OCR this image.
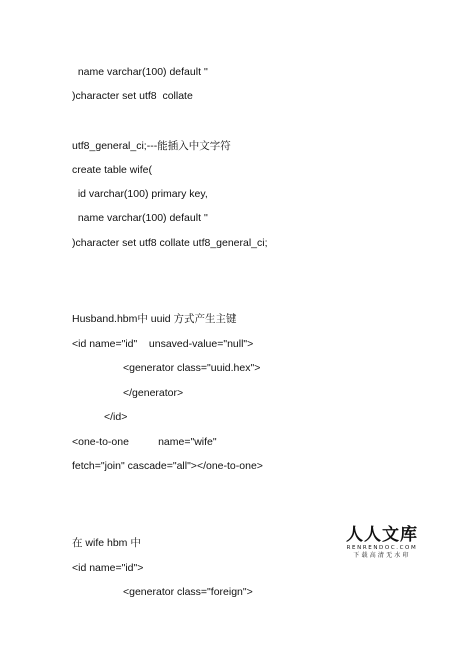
name varchar(100) default ''
)character set utf8  collate
utf8_general_ci;---能插入中文字符
create table wife(
id varchar(100) primary key,
name varchar(100) default ''
)character set utf8 collate utf8_general_ci;
Husband.hbm中 uuid 方式产生主键
<id name="id"    unsaved-value="null">
<generator class="uuid.hex">
</generator>
</id>
<one-to-one          name="wife"
fetch="join" cascade="all"></one-to-one>
在 wife hbm 中
<id name="id">
<generator class="foreign">
人人文库
RENRENDOC.COM
下载高清无水印
